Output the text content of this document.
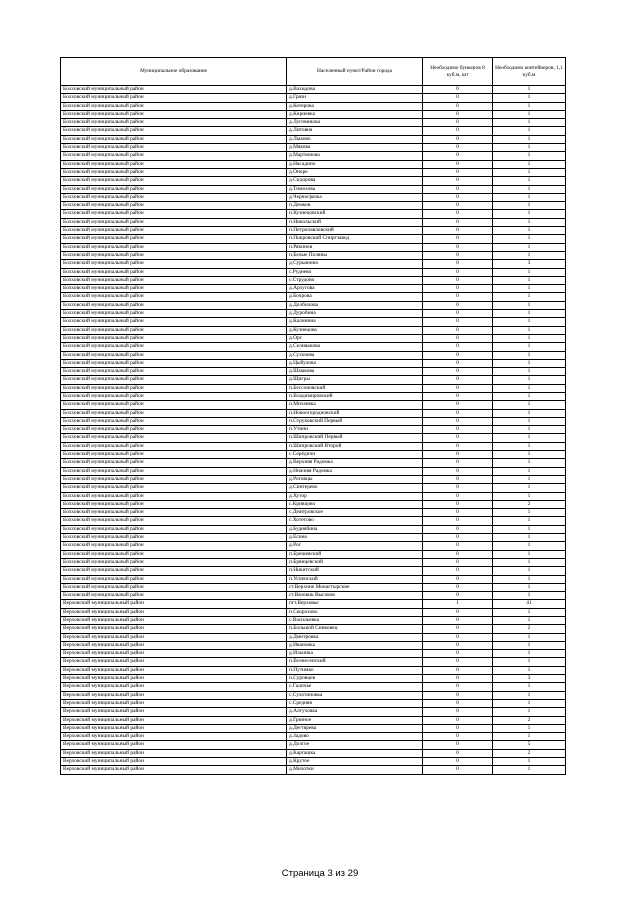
Муниципальное образование	Населенный пункт/Район города	Необходимо бункеров 8 куб.м, шт	Необходимо контейнеров, 1,1 куб.м
Болховский муниципальный район	д.Вахидова	0	1
Болховский муниципальный район	д.Грязи	0	1
Болховский муниципальный район	д.Кетерова	0	1
Болховский муниципальный район	д.Кириевка	0	1
Болховский муниципальный район	д.Луговинова	0	1
Болховский муниципальный район	д.Литовна	0	1
Болховский муниципальный район	д.Лыково	0	1
Болховский муниципальный район	д.Мякова	0	1
Болховский муниципальный район	д.Мартюнова	0	1
Болховский муниципальный район	д.Насадино	0	1
Болховский муниципальный район	д.Оноре	0	1
Болховский муниципальный район	д.Сидорова	0	1
Болховский муниципальный район	д.Тимохова	0	1
Болховский муниципальный район	д.Черногрязка	0	1
Болховский муниципальный район	п.Демков	0	1
Болховский муниципальный район	п.Кузнецовский	0	1
Болховский муниципальный район	п.Никольский	0	1
Болховский муниципальный район	п.Петропавловский	0	1
Болховский муниципальный район	п.Покровский Спиртзавод	0	1
Болховский муниципальный район	п.Рякинов	0	1
Болховский муниципальный район	п.Белые Поляны	0	1
Болховский муниципальный район	д.Сурьянино	0	3
Болховский муниципальный район	с.Руднево	0	1
Болховский муниципальный район	с.Струдово	0	1
Болховский муниципальный район	д.Архугова	0	1
Болховский муниципальный район	д.Бочрова	0	1
Болховский муниципальный район	д.Долбилова	0	1
Болховский муниципальный район	д.Дуробина	0	1
Болховский муниципальный район	д.Калинина	0	1
Болховский муниципальный район	д.Кузнецова	0	1
Болховский муниципальный район	д.Орс	0	1
Болховский муниципальный район	д.Селиванова	0	1
Болховский муниципальный район	д.Сухочева	0	1
Болховский муниципальный район	д.Цыбулова	0	1
Болховский муниципальный район	д.Шмакова	0	1
Болховский муниципальный район	д.Щигры	0	1
Болховский муниципальный район	п.Бессоновский	0	1
Болховский муниципальный район	п.Владимировский	0	1
Болховский муниципальный район	п.Михеевка	0	1
Болховский муниципальный район	п.Новоогородновский	0	1
Болховский муниципальный район	п.Струковский Первый	0	1
Болховский муниципальный район	п.Утинн	0	1
Болховский муниципальный район	п.Шипровский Первый	0	1
Болховский муниципальный район	п.Шипровский Второй	0	1
Болховский муниципальный район	с.Серёдичи	0	1
Болховский муниципальный район	д.Верхняя Радомка	0	1
Болховский муниципальный район	д.Нижняя Радомка	0	1
Болховский муниципальный район	д.Роговцы	0	1
Болховский муниципальный район	д.Синтерево	0	1
Болховский муниципальный район	д.Хутор	0	1
Болховский муниципальный район	с.Кривцово	0	2
Болховский муниципальный район	с.Дмитровское	0	1
Болховский муниципальный район	с.Хотетово	0	1
Болховский муниципальный район	д.Буднябина	0	1
Болховский муниципальный район	д.Есино	0	1
Болховский муниципальный район	д.Рог	0	1
Болховский муниципальный район	п.Брешевский	0	1
Болховский муниципальный район	п.Брянцевский	0	1
Болховский муниципальный район	п.Никитский	0	1
Болховский муниципальный район	п.Успенский	0	1
Болховский муниципальный район	ст.Верхние Монастырские	0	1
Болховский муниципальный район	ст.Вязовик Высоков	0	1
Верховский муниципальный район	пгт.Верховье	1	41
Верховский муниципальный район	п.Скорохово	0	1
Верховский муниципальный район	с.Васильевка	0	1
Верховский муниципальный район	п.Большой Синковец	0	2
Верховский муниципальный район	д.Дмитровка	0	1
Верховский муниципальный район	д.Ивановка	0	1
Верховский муниципальный район	д.Ильинка	0	1
Верховский муниципальный район	п.Вознесенский	0	1
Верховский муниципальный район	п.Путимко	0	1
Верховский муниципальный район	п.Суровцев	0	3
Верховский муниципальный район	с.Галичье	0	1
Верховский муниципальный район	с.Сухотиновка	0	1
Верховский муниципальный район	с.Средняя	0	1
Верховский муниципальный район	д.Алтуховка	0	1
Верховский муниципальный район	д.Грязное	0	2
Верховский муниципальный район	д.Дегтярева	0	1
Верховский муниципальный район	д.Задово	0	1
Верховский муниципальный район	д.Долгое	0	5
Верховский муниципальный район	д.Каргашка	0	2
Верховский муниципальный район	д.Крутое	0	1
Верховский муниципальный район	д.Михотки	0	1
Страница 3 из 29
